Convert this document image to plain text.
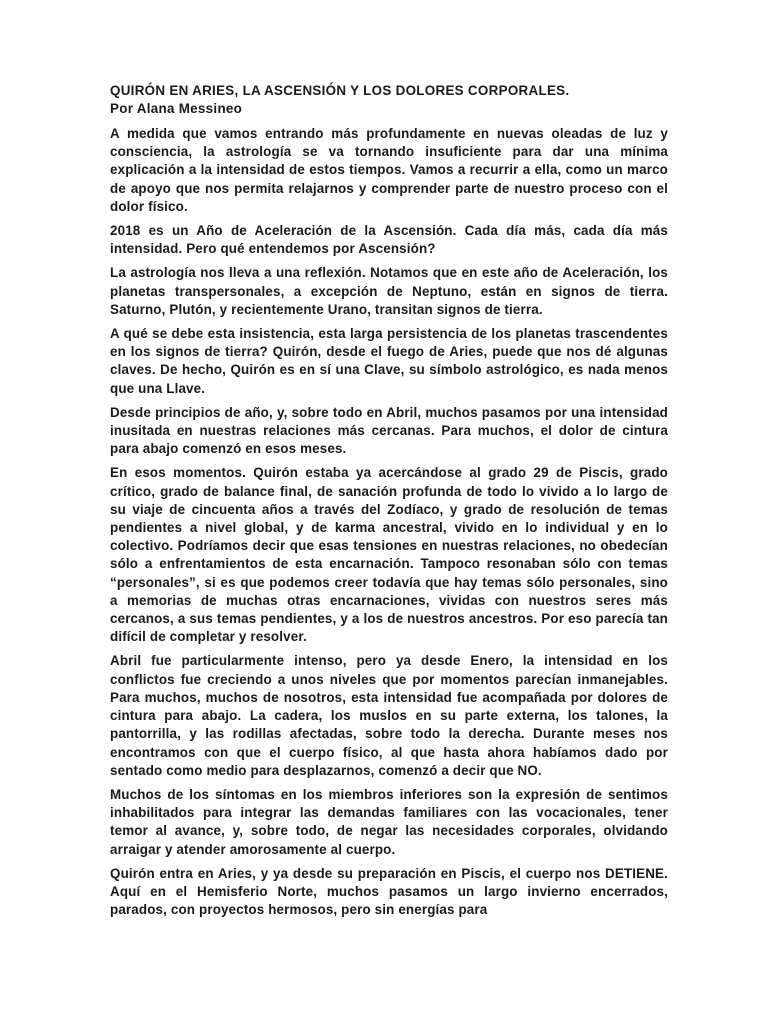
QUIRÓN EN ARIES, LA ASCENSIÓN Y LOS DOLORES CORPORALES.

Por Alana Messineo

A medida que vamos entrando más profundamente en nuevas oleadas de luz y consciencia, la astrología se va tornando insuficiente para dar una mínima explicación a la intensidad de estos tiempos. Vamos a recurrir a ella, como un marco de apoyo que nos permita relajarnos y comprender parte de nuestro proceso con el dolor físico.

2018 es un Año de Aceleración de la Ascensión. Cada día más, cada día más intensidad. Pero qué entendemos por Ascensión?

La astrología nos lleva a una reflexión. Notamos que en este año de Aceleración, los planetas transpersonales, a excepción de Neptuno, están en signos de tierra. Saturno, Plutón, y recientemente Urano, transitan signos de tierra.

A qué se debe esta insistencia, esta larga persistencia de los planetas trascendentes en los signos de tierra? Quirón, desde el fuego de Aries, puede que nos dé algunas claves. De hecho, Quirón es en sí una Clave, su símbolo astrológico, es nada menos que una Llave.

Desde principios de año, y, sobre todo en Abril, muchos pasamos por una intensidad inusitada en nuestras relaciones más cercanas. Para muchos, el dolor de cintura para abajo comenzó en esos meses.

En esos momentos. Quirón estaba ya acercándose al grado 29 de Piscis, grado crítico, grado de balance final, de sanación profunda de todo lo vivido a lo largo de su viaje de cincuenta años a través del Zodíaco, y grado de resolución de temas pendientes a nivel global, y de karma ancestral, vivido en lo individual y en lo colectivo. Podríamos decir que esas tensiones en nuestras relaciones, no obedecían sólo a enfrentamientos de esta encarnación. Tampoco resonaban sólo con temas “personales”, si es que podemos creer todavía que hay temas sólo personales, sino a memorias de muchas otras encarnaciones, vividas con nuestros seres más cercanos, a sus temas pendientes, y a los de nuestros ancestros. Por eso parecía tan difícil de completar y resolver.

Abril fue particularmente intenso, pero ya desde Enero, la intensidad en los conflictos fue creciendo a unos niveles que por momentos parecían inmanejables. Para muchos, muchos de nosotros, esta intensidad fue acompañada por dolores de cintura para abajo. La cadera, los muslos en su parte externa, los talones, la pantorrilla, y las rodillas afectadas, sobre todo la derecha. Durante meses nos encontramos con que el cuerpo físico, al que hasta ahora habíamos dado por sentado como medio para desplazarnos, comenzó a decir que NO.

Muchos de los síntomas en los miembros inferiores son la expresión de sentimos inhabilitados para integrar las demandas familiares con las vocacionales, tener temor al avance, y, sobre todo, de negar las necesidades corporales, olvidando arraigar y atender amorosamente al cuerpo.

Quirón entra en Aries, y ya desde su preparación en Piscis, el cuerpo nos DETIENE. Aquí en el Hemisferio Norte, muchos pasamos un largo invierno encerrados, parados, con proyectos hermosos, pero sin energías para
